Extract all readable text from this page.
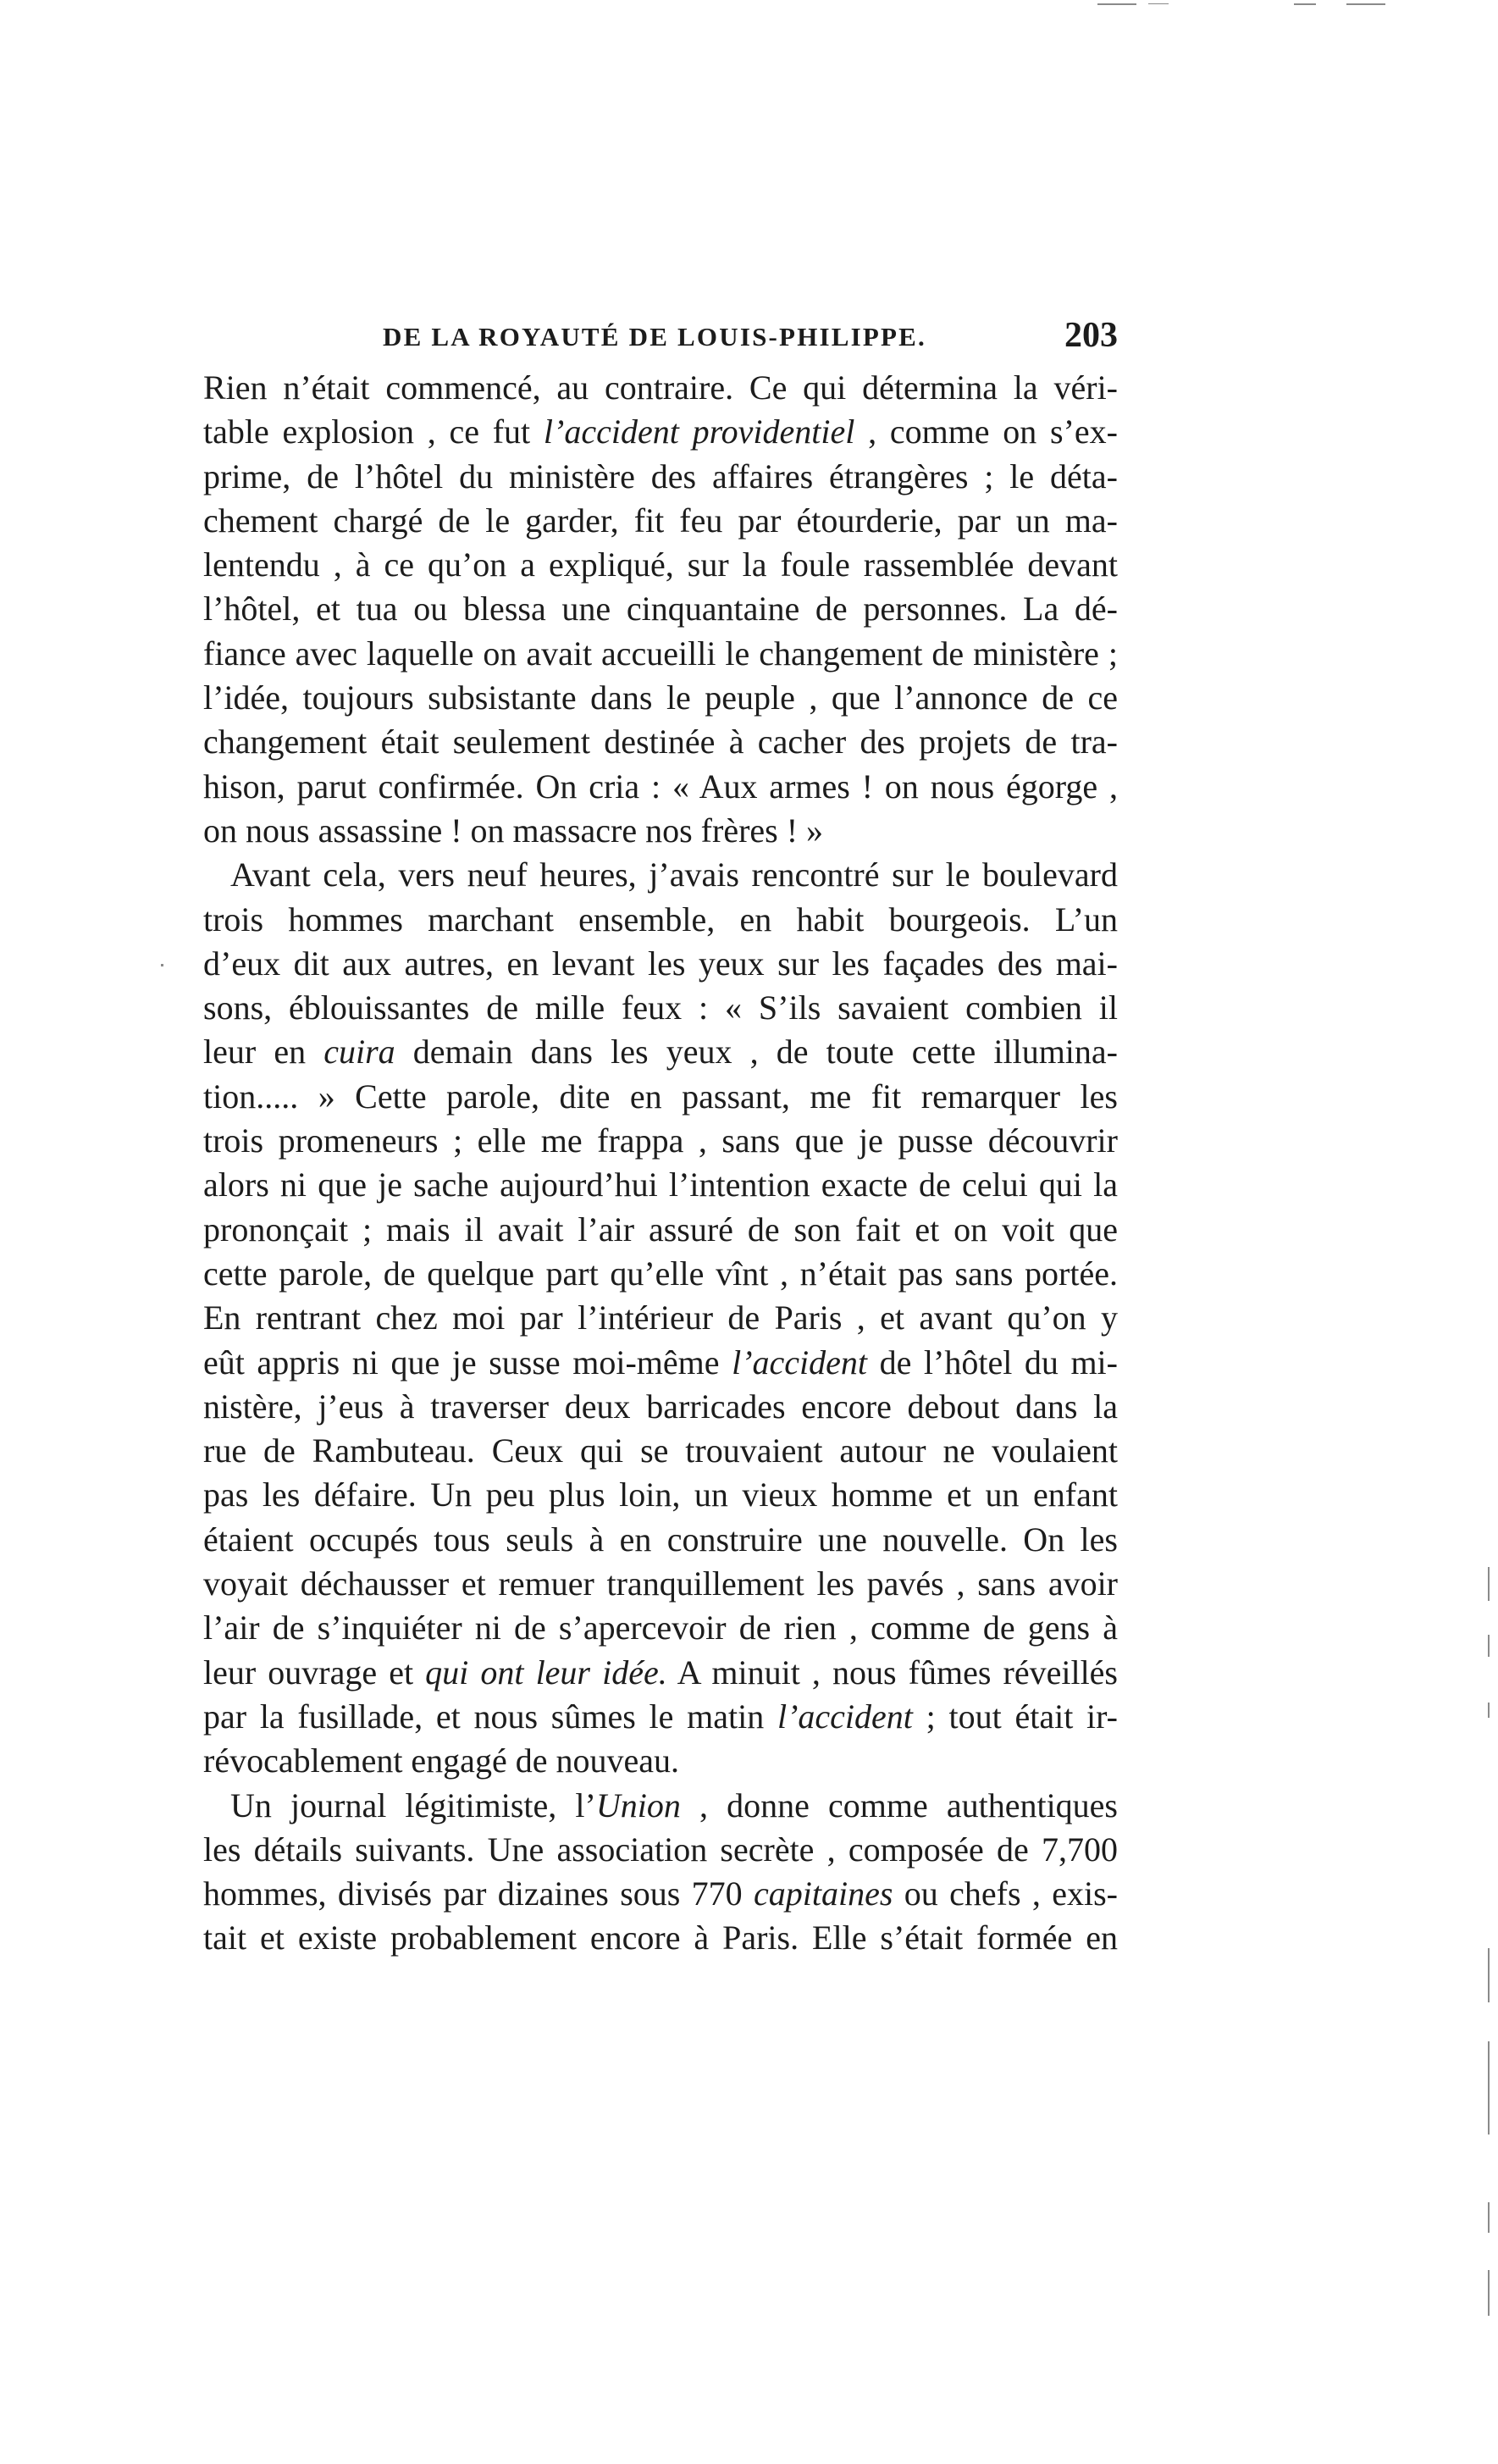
DE LA ROYAUTÉ DE LOUIS-PHILIPPE.	203
Rien n’était commencé, au contraire. Ce qui détermina la véri-
table explosion , ce fut l’accident providentiel , comme on s’ex-
prime, de l’hôtel du ministère des affaires étrangères ; le déta-
chement chargé de le garder, fit feu par étourderie, par un ma-
lentendu , à ce qu’on a expliqué, sur la foule rassemblée devant
l’hôtel, et tua ou blessa une cinquantaine de personnes. La dé-
fiance avec laquelle on avait accueilli le changement de ministère ;
l’idée, toujours subsistante dans le peuple , que l’annonce de ce
changement était seulement destinée à cacher des projets de tra-
hison, parut confirmée. On cria : « Aux armes ! on nous égorge ,
on nous assassine ! on massacre nos frères ! »
Avant cela, vers neuf heures, j’avais rencontré sur le boulevard
trois hommes marchant ensemble, en habit bourgeois. L’un
d’eux dit aux autres, en levant les yeux sur les façades des mai-
sons, éblouissantes de mille feux : « S’ils savaient combien il
leur en cuira demain dans les yeux , de toute cette illumina-
tion..... » Cette parole, dite en passant, me fit remarquer les
trois promeneurs ; elle me frappa , sans que je pusse découvrir
alors ni que je sache aujourd’hui l’intention exacte de celui qui la
prononçait ; mais il avait l’air assuré de son fait et on voit que
cette parole, de quelque part qu’elle vînt , n’était pas sans portée.
En rentrant chez moi par l’intérieur de Paris , et avant qu’on y
eût appris ni que je susse moi-même l’accident de l’hôtel du mi-
nistère, j’eus à traverser deux barricades encore debout dans la
rue de Rambuteau. Ceux qui se trouvaient autour ne voulaient
pas les défaire. Un peu plus loin, un vieux homme et un enfant
étaient occupés tous seuls à en construire une nouvelle. On les
voyait déchausser et remuer tranquillement les pavés , sans avoir
l’air de s’inquiéter ni de s’apercevoir de rien , comme de gens à
leur ouvrage et qui ont leur idée. A minuit , nous fûmes réveillés
par la fusillade, et nous sûmes le matin l’accident ; tout était ir-
révocablement engagé de nouveau.
Un journal légitimiste, l’Union , donne comme authentiques
les détails suivants. Une association secrète , composée de 7,700
hommes, divisés par dizaines sous 770 capitaines ou chefs , exis-
tait et existe probablement encore à Paris. Elle s’était formée en
